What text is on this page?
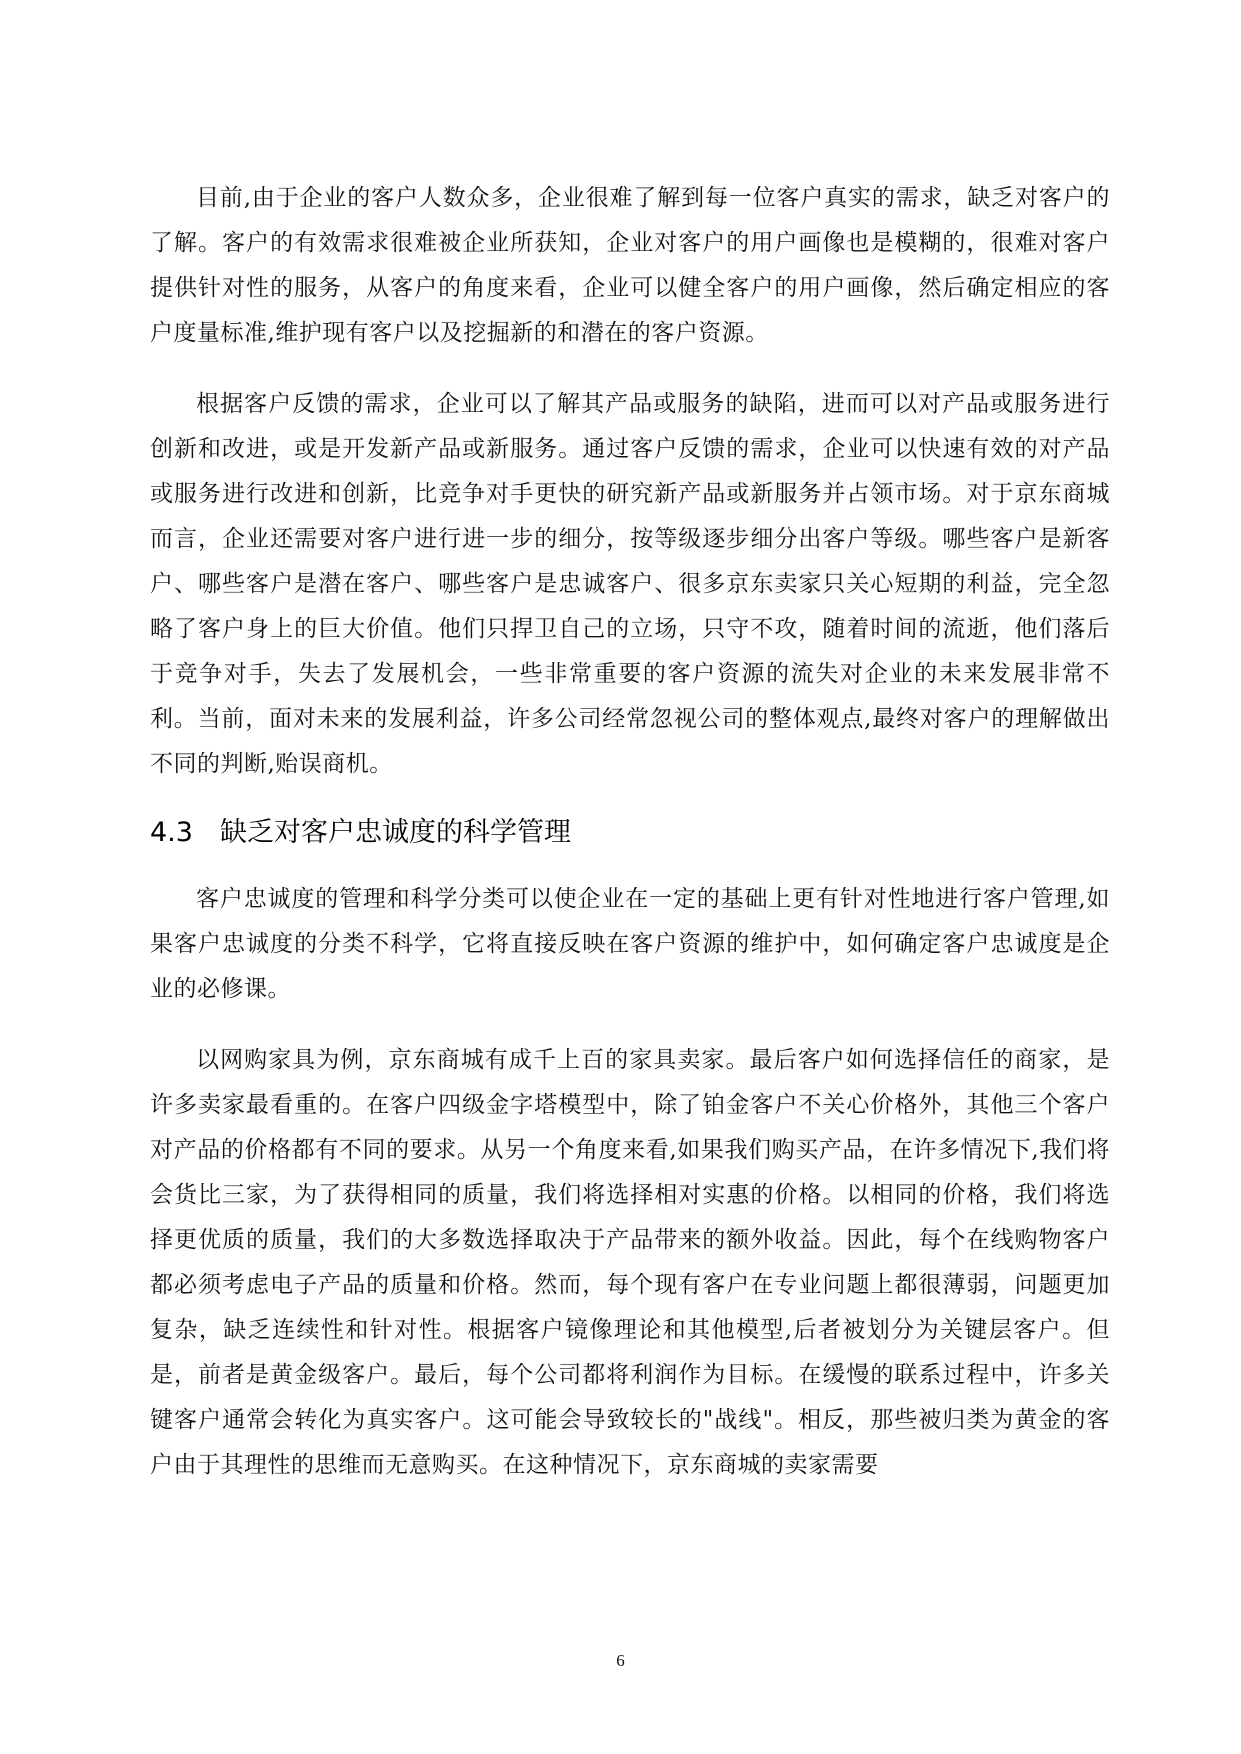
目前,由于企业的客户人数众多，企业很难了解到每一位客户真实的需求，缺乏对客户的了解。客户的有效需求很难被企业所获知，企业对客户的用户画像也是模糊的，很难对客户提供针对性的服务，从客户的角度来看，企业可以健全客户的用户画像，然后确定相应的客户度量标准,维护现有客户以及挖掘新的和潜在的客户资源。

根据客户反馈的需求，企业可以了解其产品或服务的缺陷，进而可以对产品或服务进行创新和改进，或是开发新产品或新服务。通过客户反馈的需求，企业可以快速有效的对产品或服务进行改进和创新，比竞争对手更快的研究新产品或新服务并占领市场。对于京东商城而言，企业还需要对客户进行进一步的细分，按等级逐步细分出客户等级。哪些客户是新客户、哪些客户是潜在客户、哪些客户是忠诚客户、很多京东卖家只关心短期的利益，完全忽略了客户身上的巨大价值。他们只捍卫自己的立场，只守不攻，随着时间的流逝，他们落后于竞争对手，失去了发展机会，一些非常重要的客户资源的流失对企业的未来发展非常不利。当前，面对未来的发展利益，许多公司经常忽视公司的整体观点,最终对客户的理解做出不同的判断,贻误商机。

4.3	缺乏对客户忠诚度的科学管理

客户忠诚度的管理和科学分类可以使企业在一定的基础上更有针对性地进行客户管理,如果客户忠诚度的分类不科学，它将直接反映在客户资源的维护中，如何确定客户忠诚度是企业的必修课。

以网购家具为例，京东商城有成千上百的家具卖家。最后客户如何选择信任的商家，是许多卖家最看重的。在客户四级金字塔模型中，除了铂金客户不关心价格外，其他三个客户对产品的价格都有不同的要求。从另一个角度来看,如果我们购买产品，在许多情况下,我们将会货比三家，为了获得相同的质量，我们将选择相对实惠的价格。以相同的价格，我们将选择更优质的质量，我们的大多数选择取决于产品带来的额外收益。因此，每个在线购物客户都必须考虑电子产品的质量和价格。然而，每个现有客户在专业问题上都很薄弱，问题更加复杂，缺乏连续性和针对性。根据客户镜像理论和其他模型,后者被划分为关键层客户。但是，前者是黄金级客户。最后，每个公司都将利润作为目标。在缓慢的联系过程中，许多关键客户通常会转化为真实客户。这可能会导致较长的"战线"。相反，那些被归类为黄金的客户由于其理性的思维而无意购买。在这种情况下，京东商城的卖家需要

6
